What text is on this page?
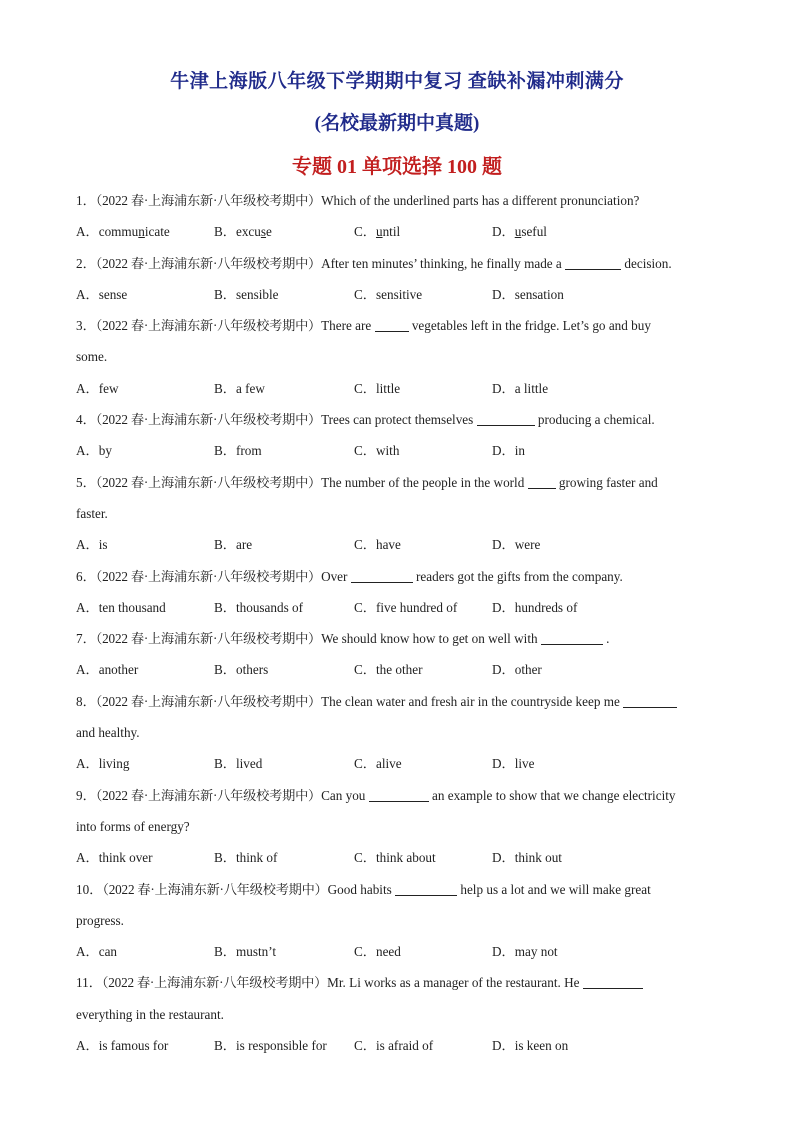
牛津上海版八年级下学期期中复习 查缺补漏冲刺满分
(名校最新期中真题)
专题 01 单项选择 100 题
1．（2022 春·上海浦东新·八年级校考期中）Which of the underlined parts has a different pronunciation?
A．communicate	B．excuse	C．until	D．useful
2．（2022 春·上海浦东新·八年级校考期中）After ten minutes’ thinking, he finally made a	decision.
A．sense	B．sensible	C．sensitive	D．sensation
3．（2022 春·上海浦东新·八年级校考期中）There are	vegetables left in the fridge. Let’s go and buy
some.
A．few	B．a few	C．little	D．a little
4．（2022 春·上海浦东新·八年级校考期中）Trees can protect themselves	producing a chemical.
A．by	B．from	C．with	D．in
5．（2022 春·上海浦东新·八年级校考期中）The number of the people in the world	growing faster and
faster.
A．is	B．are	C．have	D．were
6．（2022 春·上海浦东新·八年级校考期中）Over	readers got the gifts from the company.
A．ten thousand	B．thousands of	C．five hundred of	D．hundreds of
7．（2022 春·上海浦东新·八年级校考期中）We should know how to get on well with	.
A．another	B．others	C．the other	D．other
8．（2022 春·上海浦东新·八年级校考期中）The clean water and fresh air in the countryside keep me
and healthy.
A．living	B．lived	C．alive	D．live
9．（2022 春·上海浦东新·八年级校考期中）Can you	an example to show that we change electricity
into forms of energy?
A．think over	B．think of	C．think about	D．think out
10．（2022 春·上海浦东新·八年级校考期中）Good habits	help us a lot and we will make great
progress.
A．can	B．mustn’t	C．need	D．may not
11．（2022 春·上海浦东新·八年级校考期中）Mr. Li works as a manager of the restaurant. He
everything in the restaurant.
A．is famous for	B．is responsible for	C．is afraid of	D．is keen on
